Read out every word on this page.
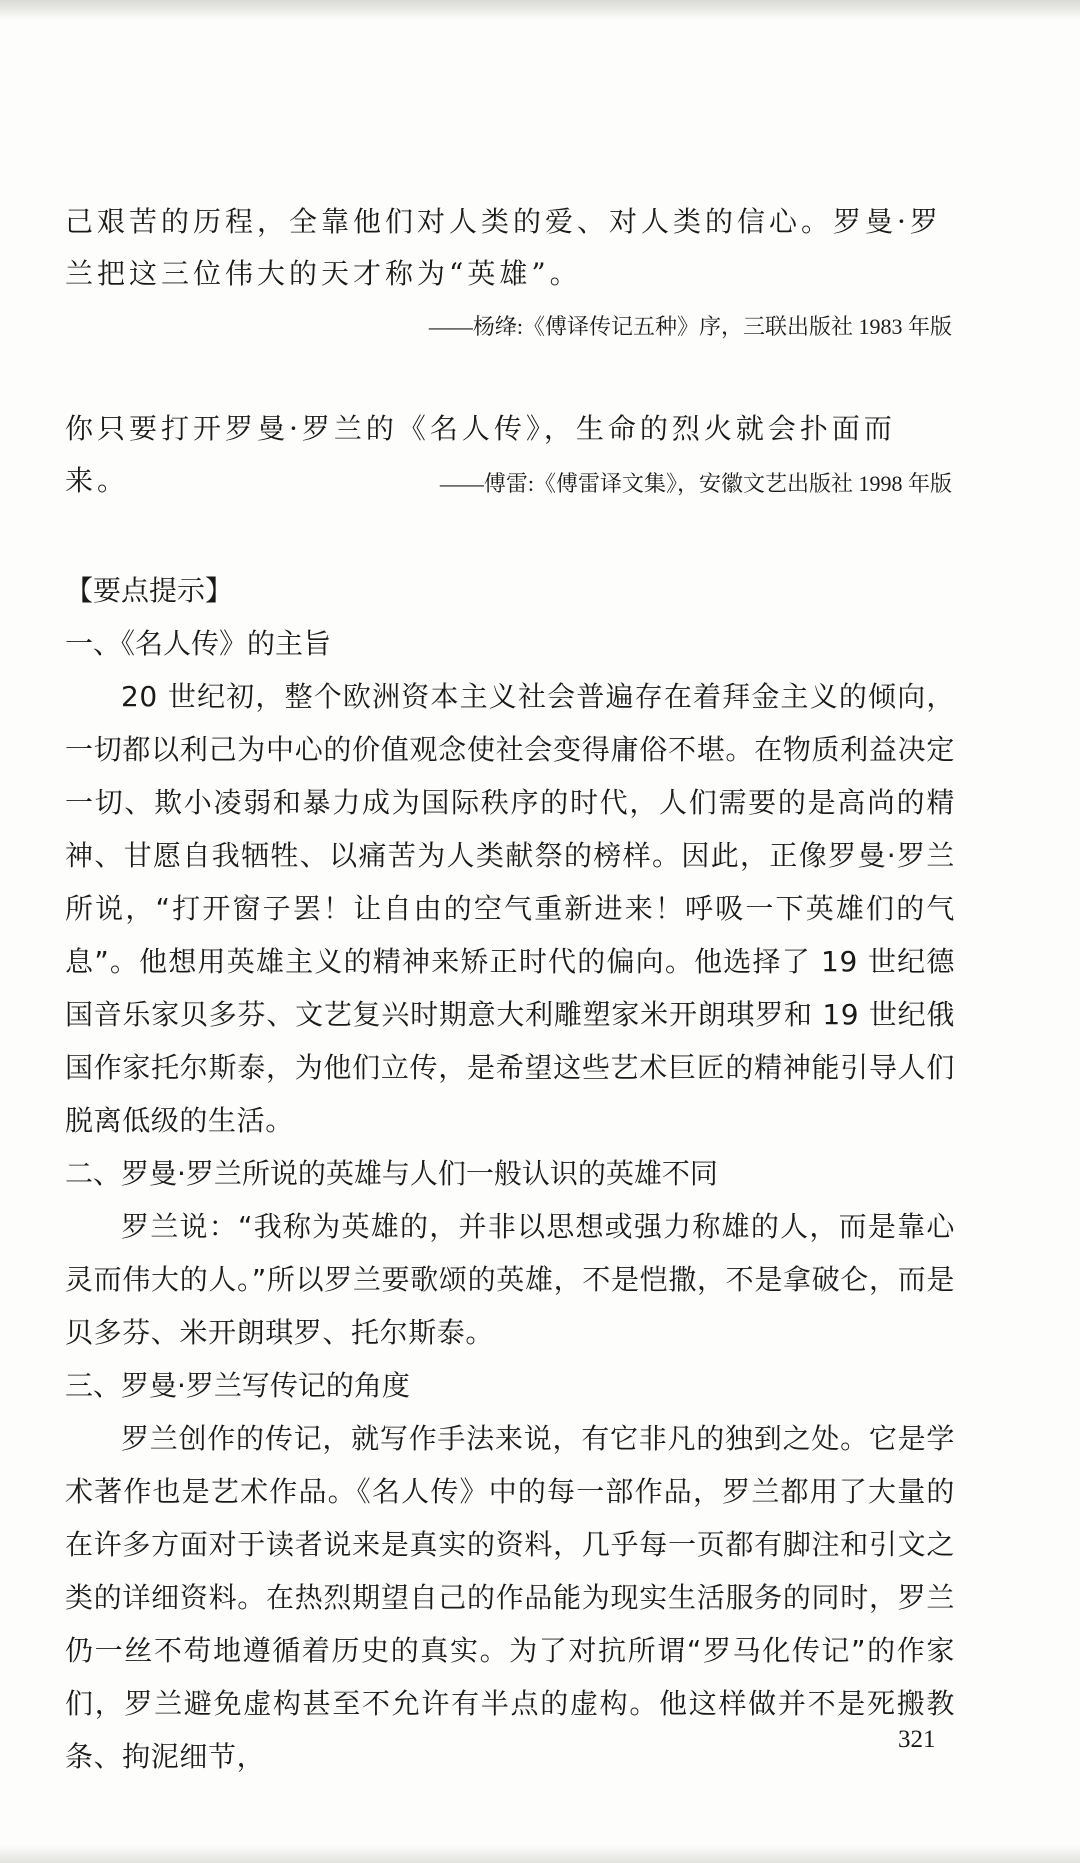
己艰苦的历程，全靠他们对人类的爱、对人类的信心。罗曼·罗兰把这三位伟大的天才称为“英雄”。

——杨绛:《傅译传记五种》序，三联出版社 1983 年版

你只要打开罗曼·罗兰的《名人传》，生命的烈火就会扑面而来。	——傅雷:《傅雷译文集》，安徽文艺出版社 1998 年版

【要点提示】

一、《名人传》的主旨

20 世纪初，整个欧洲资本主义社会普遍存在着拜金主义的倾向，一切都以利己为中心的价值观念使社会变得庸俗不堪。在物质利益决定一切、欺小凌弱和暴力成为国际秩序的时代，人们需要的是高尚的精神、甘愿自我牺牲、以痛苦为人类献祭的榜样。因此，正像罗曼·罗兰所说，“打开窗子罢！让自由的空气重新进来！呼吸一下英雄们的气息”。他想用英雄主义的精神来矫正时代的偏向。他选择了 19 世纪德国音乐家贝多芬、文艺复兴时期意大利雕塑家米开朗琪罗和 19 世纪俄国作家托尔斯泰，为他们立传，是希望这些艺术巨匠的精神能引导人们脱离低级的生活。

二、罗曼·罗兰所说的英雄与人们一般认识的英雄不同

罗兰说：“我称为英雄的，并非以思想或强力称雄的人，而是靠心灵而伟大的人。”所以罗兰要歌颂的英雄，不是恺撒，不是拿破仑，而是贝多芬、米开朗琪罗、托尔斯泰。

三、罗曼·罗兰写传记的角度

罗兰创作的传记，就写作手法来说，有它非凡的独到之处。它是学术著作也是艺术作品。《名人传》中的每一部作品，罗兰都用了大量的在许多方面对于读者说来是真实的资料，几乎每一页都有脚注和引文之类的详细资料。在热烈期望自己的作品能为现实生活服务的同时，罗兰仍一丝不苟地遵循着历史的真实。为了对抗所谓“罗马化传记”的作家们，罗兰避免虚构甚至不允许有半点的虚构。他这样做并不是死搬教条、拘泥细节，

321
